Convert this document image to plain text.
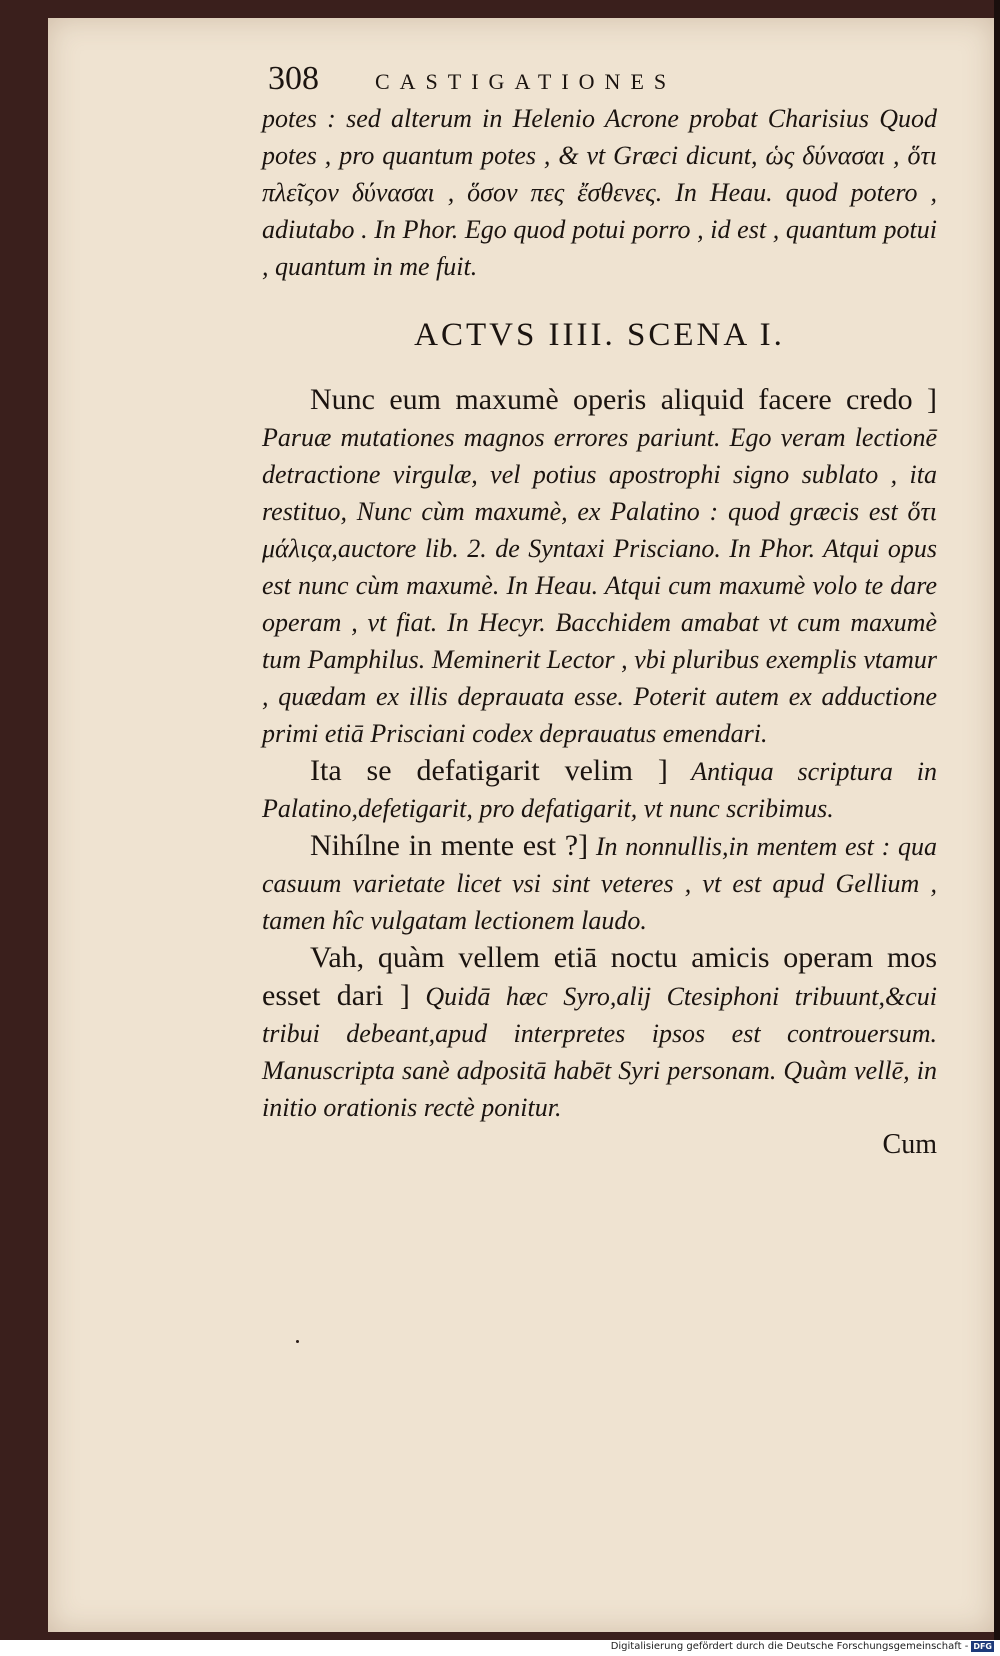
308	CASTIGATIONES

potes : sed alterum in Helenio Acrone probat Charisius Quod potes , pro quantum potes , & vt Græci dicunt, ὡς δύνασαι , ὅτι πλεῖςον δύνασαι , ὅσον πες ἔσθενες. In Heau. quod potero , adiutabo . In Phor. Ego quod potui porro , id est , quantum potui , quantum in me fuit.

ACTVS IIII. SCENA I.

Nunc eum maxumè operis aliquid facere credo ] Paruæ mutationes magnos errores pariunt. Ego veram lectionē detractione virgulæ, vel potius apostrophi signo sublato , ita restituo, Nunc cùm maxumè, ex Palatino : quod græcis est ὅτι μάλιςα,auctore lib. 2. de Syntaxi Prisciano. In Phor. Atqui opus est nunc cùm maxumè. In Heau. Atqui cum maxumè volo te dare operam , vt fiat. In Hecyr. Bacchidem amabat vt cum maxumè tum Pamphilus. Meminerit Lector , vbi pluribus exemplis vtamur , quædam ex illis deprauata esse. Poterit autem ex adductione primi etiā Prisciani codex deprauatus emendari.

Ita se defatigarit velim ] Antiqua scriptura in Palatino,defetigarit, pro defatigarit, vt nunc scribimus.

Nihílne in mente est ?] In nonnullis,in mentem est : qua casuum varietate licet vsi sint veteres , vt est apud Gellium , tamen hîc vulgatam lectionem laudo.

Vah, quàm vellem etiā noctu amicis operam mos esset dari ] Quidā hæc Syro,alij Ctesiphoni tribuunt,&cui tribui debeant,apud interpretes ipsos est controuersum. Manuscripta sanè adpositā habēt Syri personam. Quàm vellē, in initio orationis rectè ponitur.

Cum
Digitalisierung gefördert durch die Deutsche Forschungsgemeinschaft - DFG
